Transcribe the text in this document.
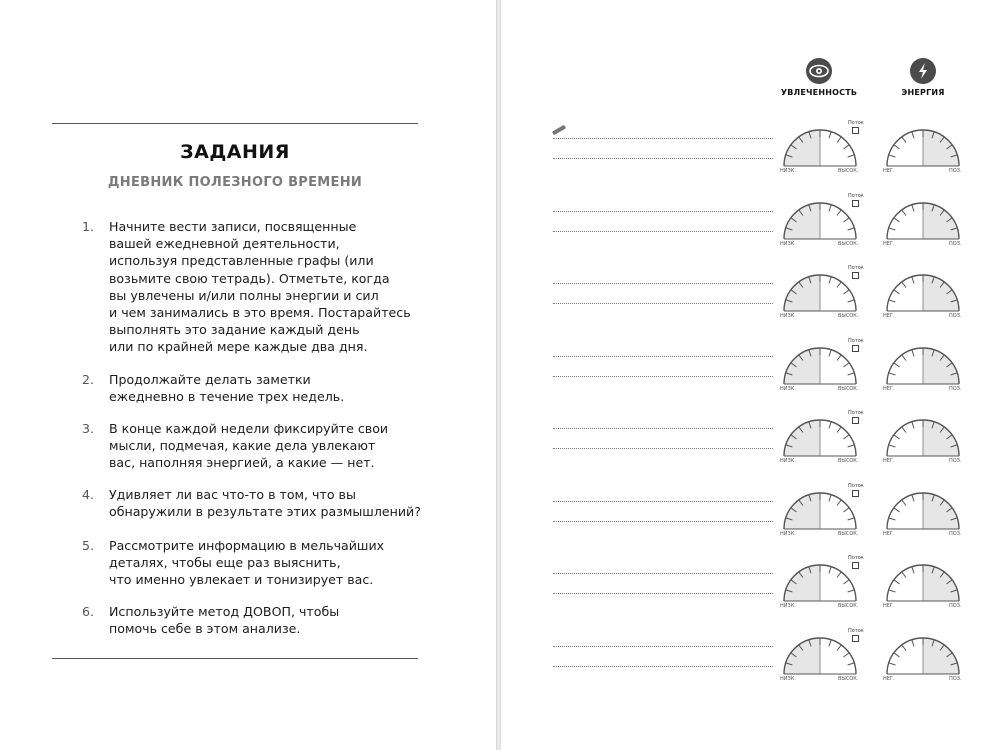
ЗАДАНИЯ
ДНЕВНИК ПОЛЕЗНОГО ВРЕМЕНИ
1.	Начните вести записи, посвященные
вашей ежедневной деятельности,
используя представленные графы (или
возьмите свою тетрадь). Отметьте, когда
вы увлечены и/или полны энергии и сил
и чем занимались в это время. Постарайтесь
выполнять это задание каждый день
или по крайней мере каждые два дня.
2.	Продолжайте делать заметки
ежедневно в течение трех недель.
3.	В конце каждой недели фиксируйте свои
мысли, подмечая, какие дела увлекают
вас, наполняя энергией, а какие — нет.
4.	Удивляет ли вас что-то в том, что вы
обнаружили в результате этих размышлений?
5.	Рассмотрите информацию в мельчайших
деталях, чтобы еще раз выяснить,
что именно увлекает и тонизирует вас.
6.	Используйте метод ДОВОП, чтобы
помочь себе в этом анализе.
УВЛЕЧЕННОСТЬ	ЭНЕРГИЯ
Поток
НИЗК.	ВЫСОК.	НЕГ.	ПОЗ.
Поток
НИЗК.	ВЫСОК.	НЕГ.	ПОЗ.
Поток
НИЗК.	ВЫСОК.	НЕГ.	ПОЗ.
Поток
НИЗК.	ВЫСОК.	НЕГ.	ПОЗ.
Поток
НИЗК.	ВЫСОК.	НЕГ.	ПОЗ.
Поток
НИЗК.	ВЫСОК.	НЕГ.	ПОЗ.
Поток
НИЗК.	ВЫСОК.	НЕГ.	ПОЗ.
Поток
НИЗК.	ВЫСОК.	НЕГ.	ПОЗ.
